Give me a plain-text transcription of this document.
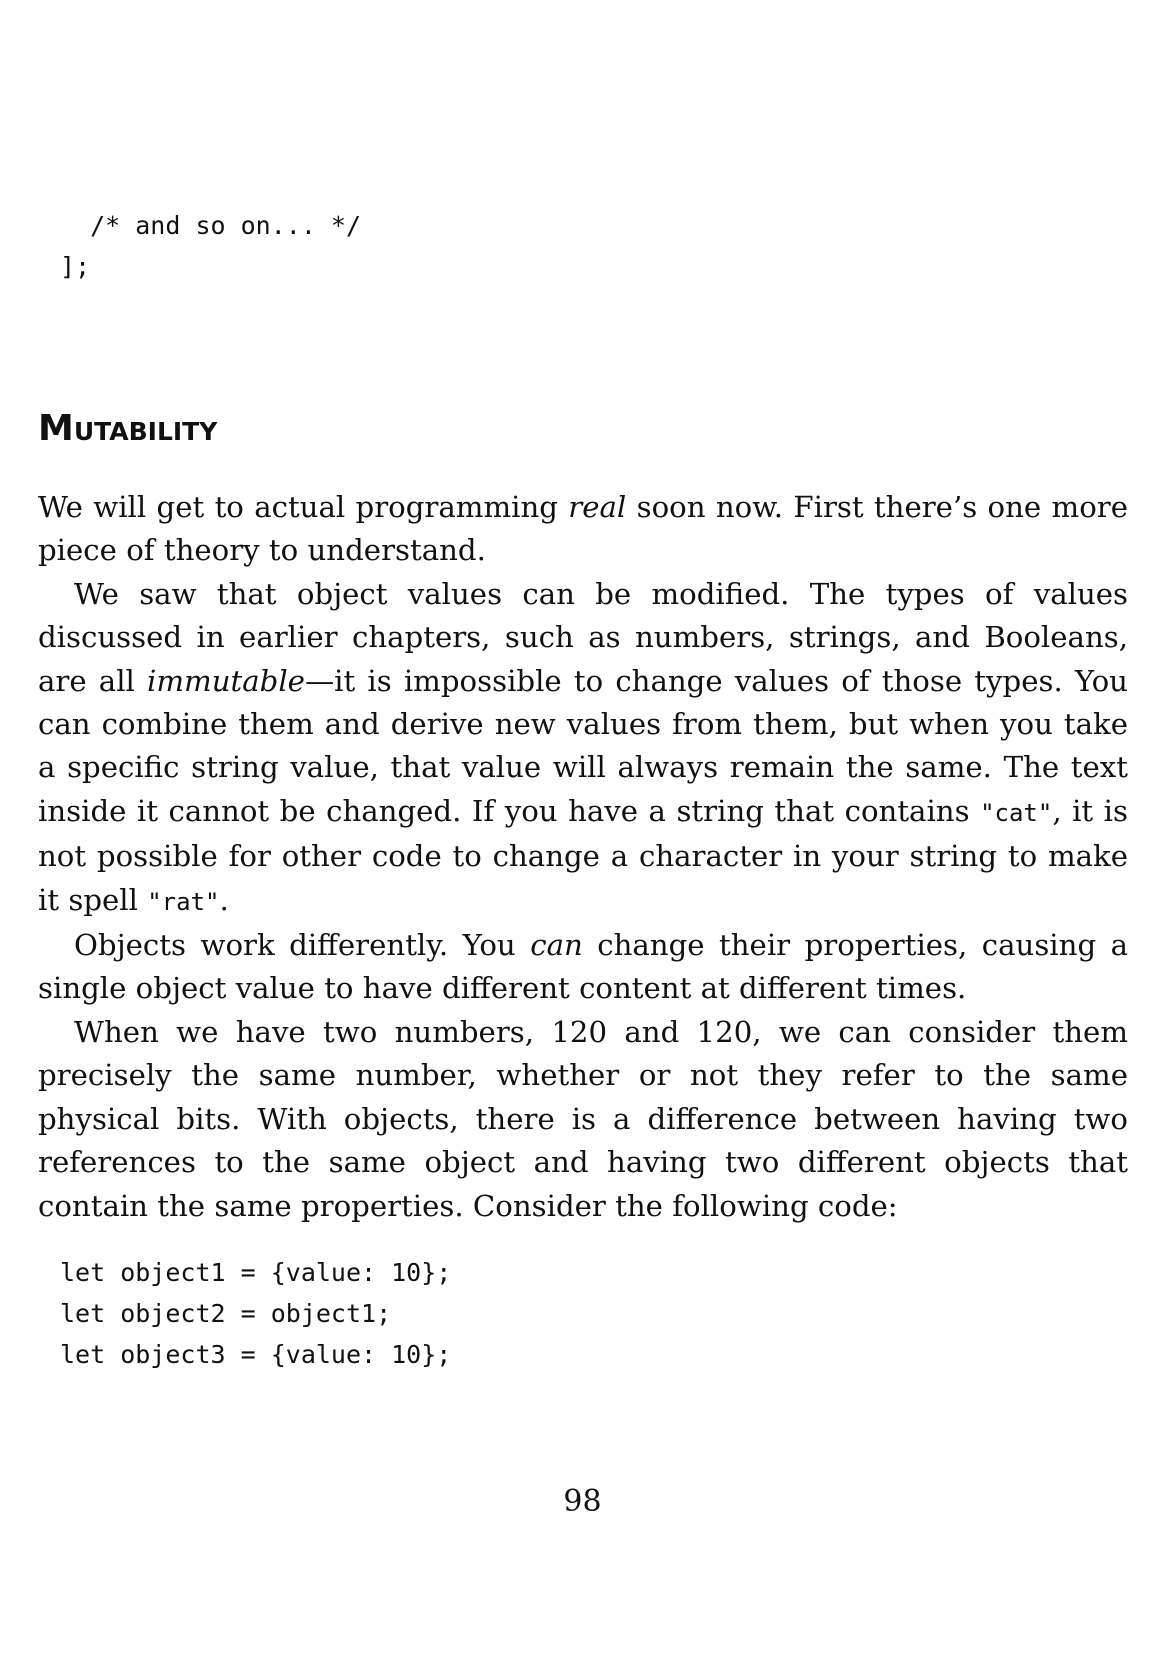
/* and so on... */
];
Mutability

We will get to actual programming real soon now. First there’s one more piece of theory to understand.

We saw that object values can be modified. The types of values discussed in earlier chapters, such as numbers, strings, and Booleans, are all immutable—it is impossible to change values of those types. You can combine them and derive new values from them, but when you take a specific string value, that value will always remain the same. The text inside it cannot be changed. If you have a string that contains "cat", it is not possible for other code to change a character in your string to make it spell "rat".

Objects work differently. You can change their properties, causing a single object value to have different content at different times.

When we have two numbers, 120 and 120, we can consider them precisely the same number, whether or not they refer to the same physical bits. With objects, there is a difference between having two references to the same object and having two different objects that contain the same properties. Consider the following code:

let object1 = {value: 10};
let object2 = object1;
let object3 = {value: 10};
98
